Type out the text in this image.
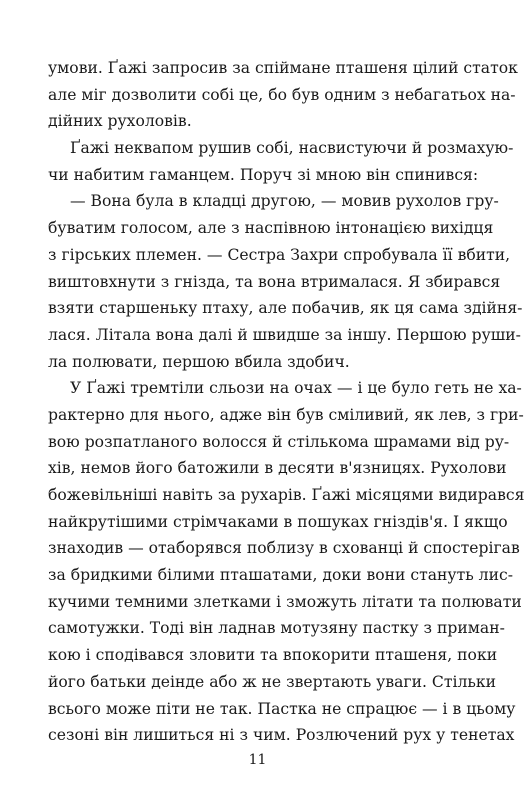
умови. Ґажі запросив за спійманe пташеня цілий статок
але міг дозволити собі це, бо був одним з небагатьох на-
дійних рухоловів.
Ґажі неквапом рушив собі, насвистуючи й розмахую-
чи набитим гаманцем. Поруч зі мною він спинився:
— Вона була в кладці другою, — мовив рухолов гру-
буватим голосом, але з наспівною інтонацією вихідця
з гірських племен. — Сестра Захри спробувала її вбити,
виштовхнути з гнізда, та вона втрималася. Я збирався
взяти старшеньку птаху, але побачив, як ця сама здійня-
лася. Літала вона далі й швидше за іншу. Першою руши-
ла полювати, першою вбила здобич.
У Ґажі тремтіли сльози на очах — і це було геть не ха-
рактерно для нього, адже він був сміливий, як лев, з гри-
вою розпатланого волосся й стількома шрамами від ру-
хів, немов його батожили в десяти в'язницях. Рухолови
божевільніші навіть за рухарів. Ґажі місяцями видирався
найкрутішими стрімчаками в пошуках гніздів'я. І якщо
знаходив — отаборявся поблизу в схованці й спостерігав
за бридкими білими пташатами, доки вони стануть лис-
кучими темними злетками і зможуть літати та полювати
самотужки. Тоді він ладнав мотузяну пастку з приман-
кою і сподівався зловити та впокорити пташеня, поки
його батьки деінде або ж не звертають уваги. Стільки
всього може піти не так. Пастка не спрацює — і в цьому
сезоні він лишиться ні з чим. Розлючений рух у тенетах
11
